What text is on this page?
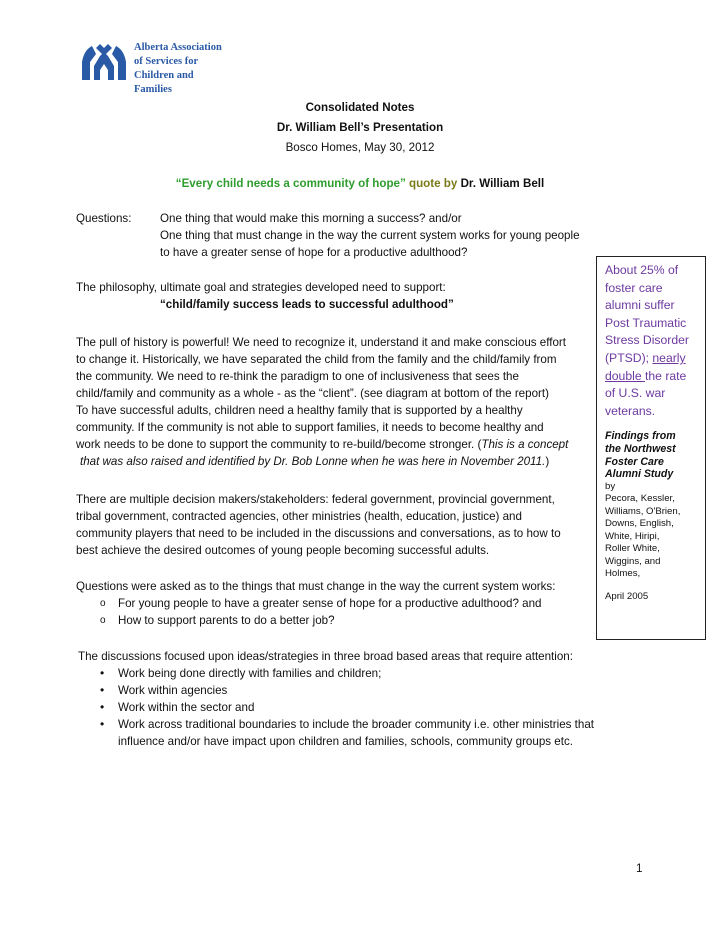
Alberta Association
of Services for
Children and Families
Consolidated Notes
Dr. William Bell’s Presentation
Bosco Homes, May 30, 2012
“Every child needs a community of hope” quote by Dr. William Bell
Questions: One thing that would make this morning a success? and/or
One thing that must change in the way the current system works for young people
to have a greater sense of hope for a productive adulthood?
The philosophy, ultimate goal and strategies developed need to support:
“child/family success leads to successful adulthood”
The pull of history is powerful! We need to recognize it, understand it and make conscious effort
to change it. Historically, we have separated the child from the family and the child/family from
the community. We need to re-think the paradigm to one of inclusiveness that sees the
child/family and community as a whole - as the “client”. (see diagram at bottom of the report)
To have successful adults, children need a healthy family that is supported by a healthy
community. If the community is not able to support families, it needs to become healthy and
work needs to be done to support the community to re-build/become stronger. (This is a concept
that was also raised and identified by Dr. Bob Lonne when he was here in November 2011.)
There are multiple decision makers/stakeholders: federal government, provincial government,
tribal government, contracted agencies, other ministries (health, education, justice) and
community players that need to be included in the discussions and conversations, as to how to
best achieve the desired outcomes of young people becoming successful adults.
Questions were asked as to the things that must change in the way the current system works:
o For young people to have a greater sense of hope for a productive adulthood? and
o How to support parents to do a better job?
The discussions focused upon ideas/strategies in three broad based areas that require attention:
• Work being done directly with families and children;
• Work within agencies
• Work within the sector and
• Work across traditional boundaries to include the broader community i.e. other ministries that
influence and/or have impact upon children and families, schools, community groups etc.
About 25% of
foster care
alumni suffer
Post Traumatic
Stress Disorder
(PTSD); nearly
double the rate
of U.S. war
veterans.
Findings from
the Northwest
Foster Care
Alumni Study
by
Pecora, Kessler,
Williams, O'Brien,
Downs, English,
White, Hiripi,
Roller White,
Wiggins, and
Holmes,
April 2005
1
